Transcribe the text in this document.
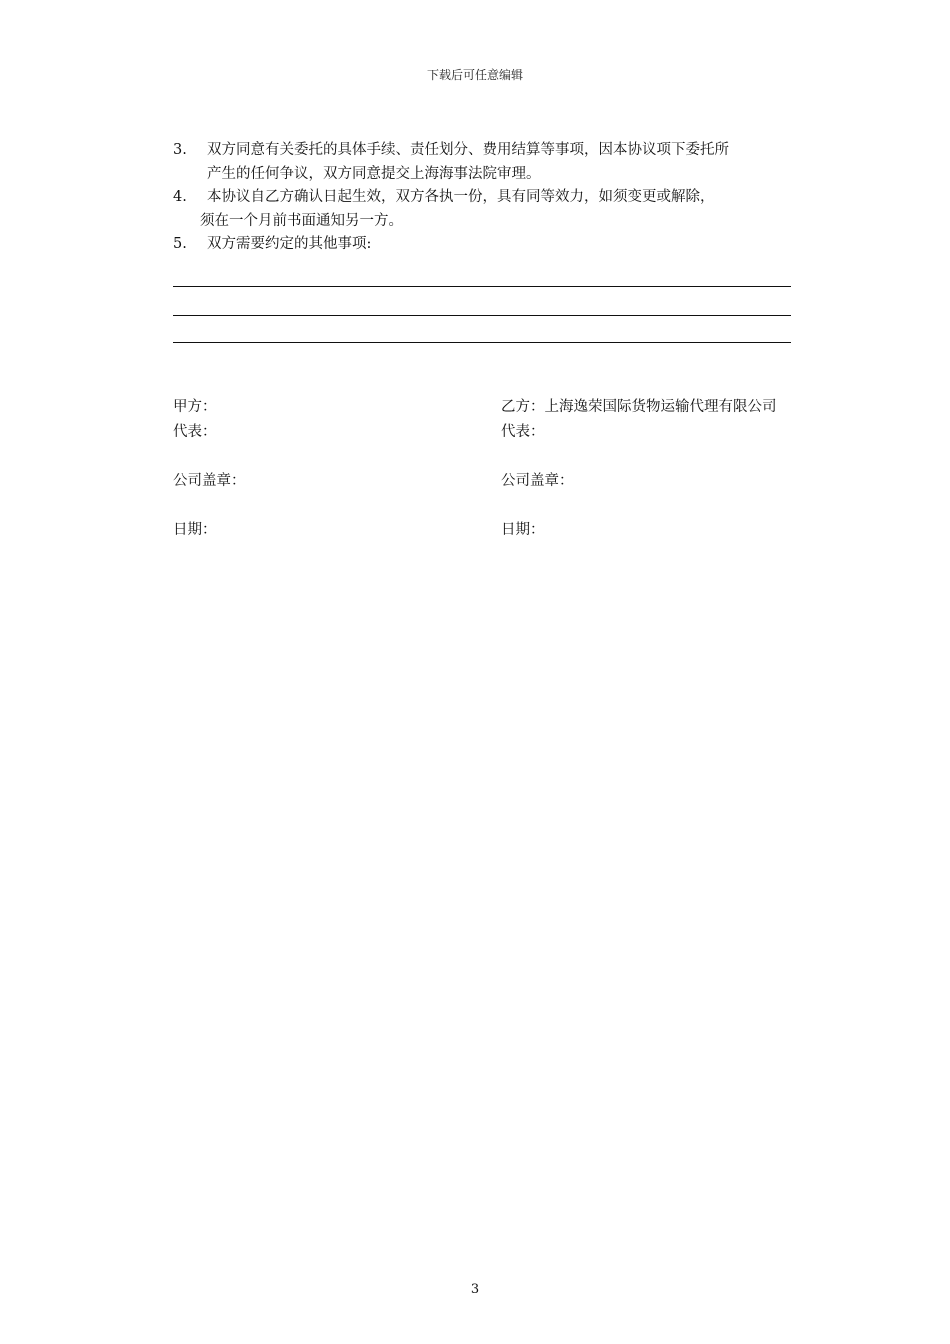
下载后可任意编辑
3. 双方同意有关委托的具体手续、责任划分、费用结算等事项，因本协议项下委托所
产生的任何争议，双方同意提交上海海事法院审理。
4. 本协议自乙方确认日起生效，双方各执一份，具有同等效力，如须变更或解除，
须在一个月前书面通知另一方。
5. 双方需要约定的其他事项:
甲方：
代表：
公司盖章：
日期：
乙方：上海逸荣国际货物运输代理有限公司
代表：
公司盖章：
日期：
3
